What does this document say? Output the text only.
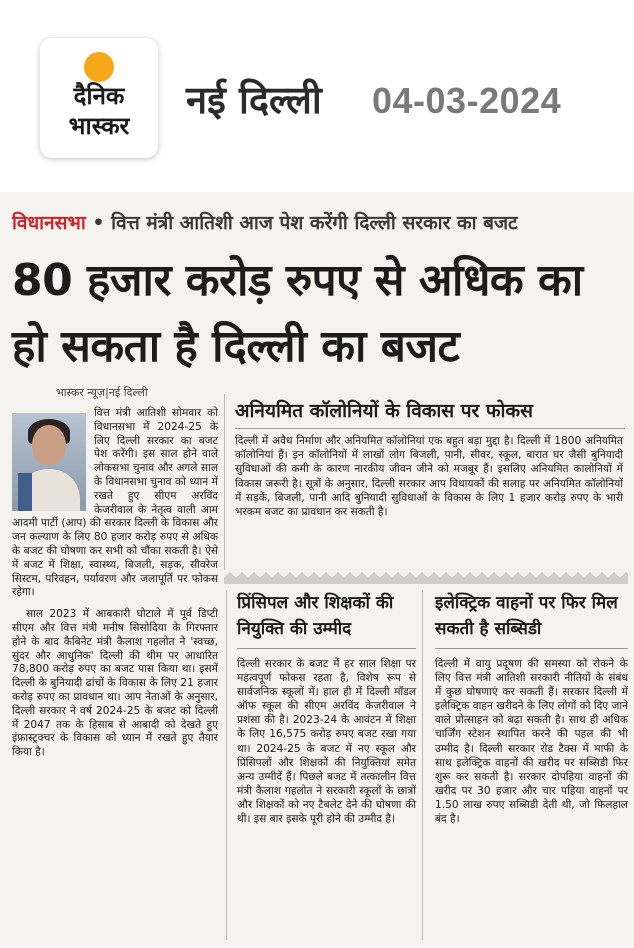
दैनिक
भास्कर
नई दिल्ली 04-03-2024
विधानसभा • वित्त मंत्री आतिशी आज पेश करेंगी दिल्ली सरकार का बजट
80 हजार करोड़ रुपए से अधिक का हो सकता है दिल्ली का बजट
भास्कर न्यूज़|नई दिल्ली

वित्त मंत्री आतिशी सोमवार को विधानसभा में 2024-25 के लिए दिल्ली सरकार का बजट पेश करेंगी। इस साल होने वाले लोकसभा चुनाव और अगले साल के विधानसभा चुनाव को ध्यान में रखते हुए सीएम अरविंद केजरीवाल के नेतृत्व वाली आम आदमी पार्टी (आप) की सरकार दिल्ली के विकास और जन कल्याण के लिए 80 हजार करोड़ रुपए से अधिक के बजट की घोषणा कर सभी को चौंका सकती है। ऐसे में बजट में शिक्षा, स्वास्थ्य, बिजली, सड़क, सीवरेज सिस्टम, परिवहन, पर्यावरण और जलापूर्ति पर फोकस रहेगा।

साल 2023 में आबकारी घोटाले में पूर्व डिप्टी सीएम और वित्त मंत्री मनीष सिसोदिया के गिरफ्तार होने के बाद कैबिनेट मंत्री कैलाश गहलोत ने 'स्वच्छ, सुंदर और आधुनिक' दिल्ली की थीम पर आधारित 78,800 करोड़ रुपए का बजट पास किया था। इसमें दिल्ली के बुनियादी ढांचों के विकास के लिए 21 हजार करोड़ रुपए का प्रावधान था। आप नेताओं के अनुसार, दिल्ली सरकार ने वर्ष 2024-25 के बजट को दिल्ली में 2047 तक के हिसाब से आबादी को देखते हुए इंफ्रास्ट्रक्चर के विकास को ध्यान में रखते हुए तैयार किया है।

अनियमित कॉलोनियों के विकास पर फोकस
दिल्ली में अवैध निर्माण और अनियमित कॉलोनियां एक बहुत बड़ा मुद्दा है। दिल्ली में 1800 अनियमित कॉलोनियां हैं। इन कॉलोनियों में लाखों लोग बिजली, पानी, सीवर, स्कूल, बारात घर जैसी बुनियादी सुविधाओं की कमी के कारण नारकीय जीवन जीने को मजबूर हैं। इसलिए अनियमित कालोनियों में विकास जरूरी है। सूत्रों के अनुसार, दिल्ली सरकार आप विधायकों की सलाह पर अनियमित कॉलोनियों में सड़कें, बिजली, पानी आदि बुनियादी सुविधाओं के विकास के लिए 1 हजार करोड़ रुपए के भारी भरकम बजट का प्रावधान कर सकती है।
प्रिंसिपल और शिक्षकों की नियुक्ति की उम्मीद
दिल्ली सरकार के बजट में हर साल शिक्षा पर महत्वपूर्ण फोकस रहता है, विशेष रूप से सार्वजनिक स्कूलों में। हाल ही में दिल्ली मॉडल ऑफ स्कूल की सीएम अरविंद केजरीवाल ने प्रशंसा की है। 2023-24 के आवंटन में शिक्षा के लिए 16,575 करोड़ रुपए बजट रखा गया था। 2024-25 के बजट में नए स्कूल और प्रिंसिपलों और शिक्षकों की नियुक्तियां समेत अन्य उम्मीदें हैं। पिछले बजट में तत्कालीन वित्त मंत्री कैलाश गहलोत ने सरकारी स्कूलों के छात्रों और शिक्षकों को नए टैबलेट देने की घोषणा की थी। इस बार इसके पूरी होने की उम्मीद है।
इलेक्ट्रिक वाहनों पर फिर मिल सकती है सब्सिडी
दिल्ली में वायु प्रदूषण की समस्या को रोकने के लिए वित्त मंत्री आतिशी सरकारी नीतियों के संबंध में कुछ घोषणाएं कर सकती हैं। सरकार दिल्ली में इलेक्ट्रिक वाहन खरीदने के लिए लोगों को दिए जाने वाले प्रोत्साहन को बढ़ा सकती है। साथ ही अधिक चार्जिंग स्टेशन स्थापित करने की पहल की भी उम्मीद है। दिल्ली सरकार रोड टैक्स में माफी के साथ इलेक्ट्रिक वाहनों की खरीद पर सब्सिडी फिर शुरू कर सकती है। सरकार दोपहिया वाहनों की खरीद पर 30 हजार और चार पहिया वाहनों पर 1.50 लाख रुपए सब्सिडी देती थी, जो फिलहाल बंद है।
